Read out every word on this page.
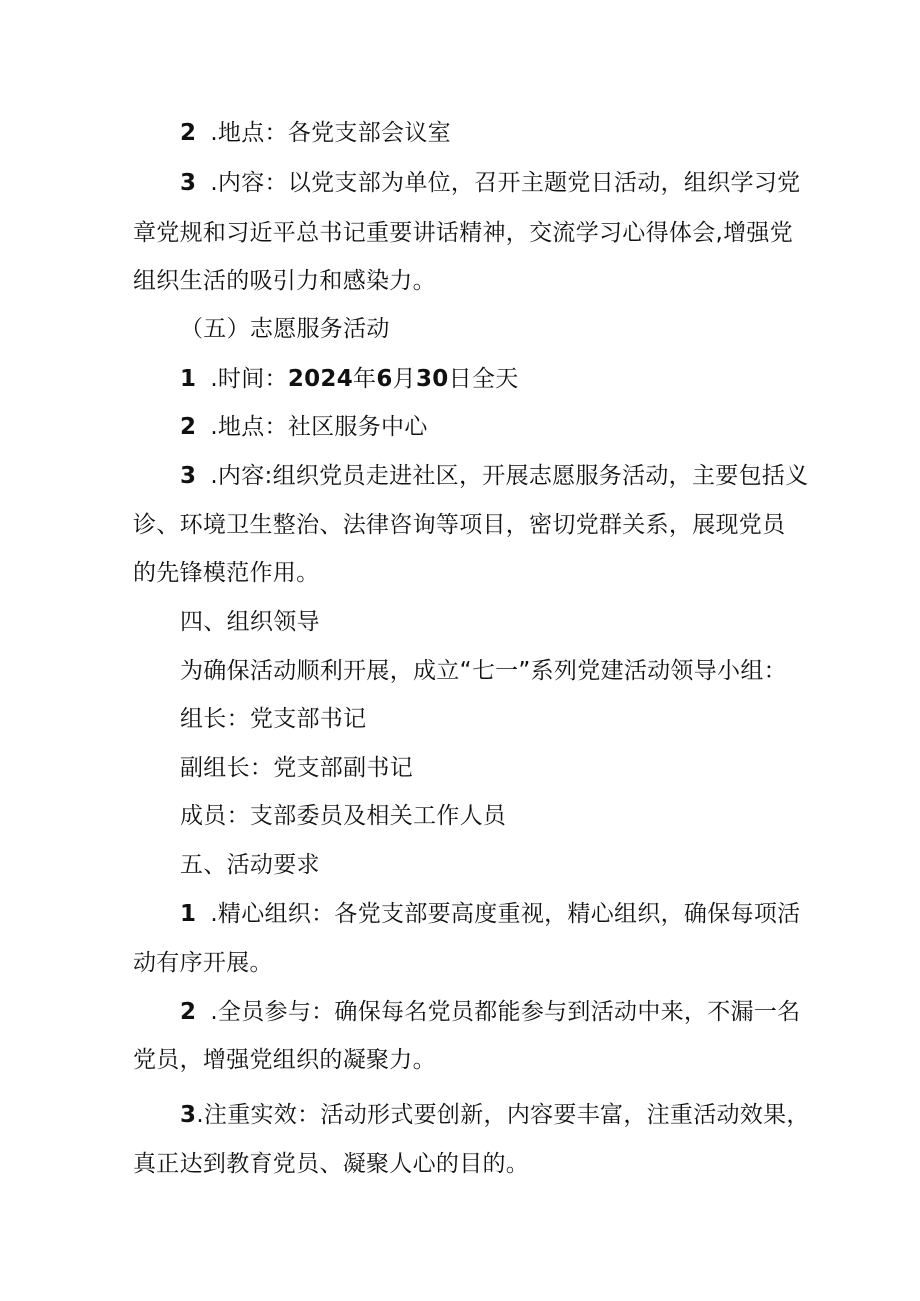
2 .地点：各党支部会议室
3 .内容：以党支部为单位，召开主题党日活动，组织学习党
章党规和习近平总书记重要讲话精神，交流学习心得体会,增强党
组织生活的吸引力和感染力。
（五）志愿服务活动
1 .时间：2024年6月30日全天
2 .地点：社区服务中心
3 .内容:组织党员走进社区，开展志愿服务活动，主要包括义
诊、环境卫生整治、法律咨询等项目，密切党群关系，展现党员
的先锋模范作用。
四、组织领导
为确保活动顺利开展，成立“七一”系列党建活动领导小组：
组长：党支部书记
副组长：党支部副书记
成员：支部委员及相关工作人员
五、活动要求
1 .精心组织：各党支部要高度重视，精心组织，确保每项活
动有序开展。
2 .全员参与：确保每名党员都能参与到活动中来，不漏一名
党员，增强党组织的凝聚力。
3.注重实效：活动形式要创新，内容要丰富，注重活动效果，
真正达到教育党员、凝聚人心的目的。
